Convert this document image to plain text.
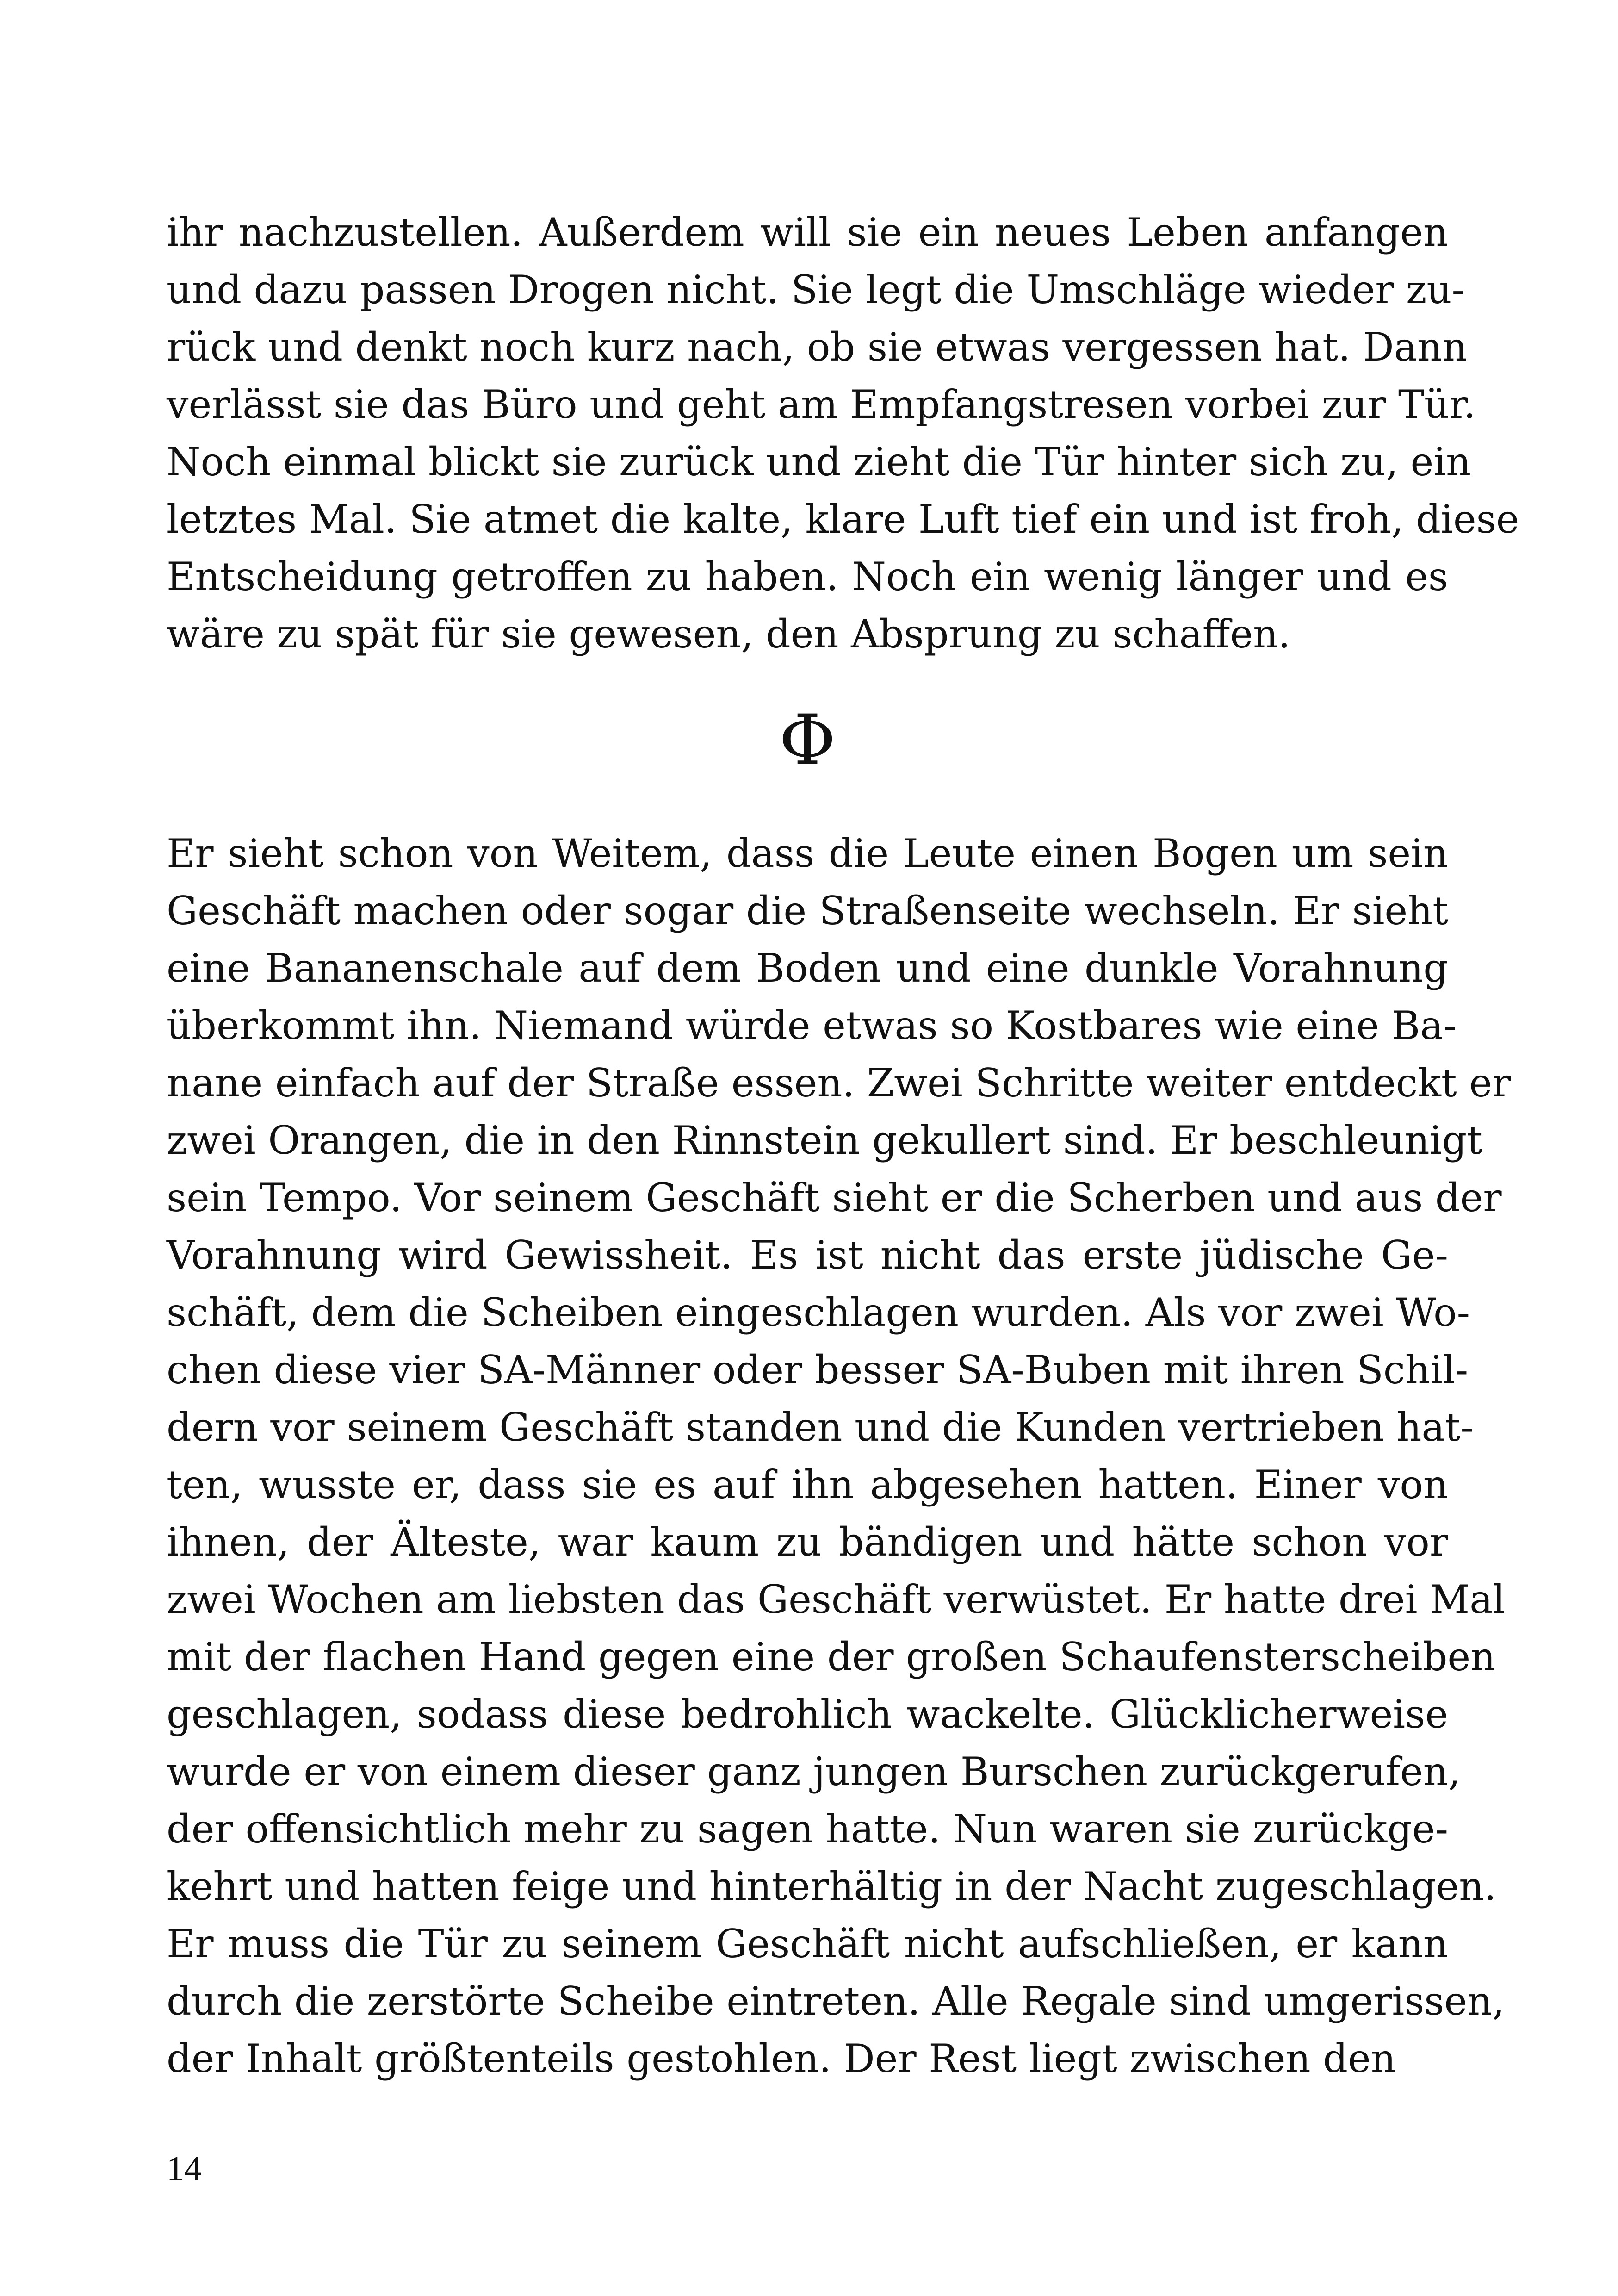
ihr nachzustellen. Außerdem will sie ein neues Leben anfangen
und dazu passen Drogen nicht. Sie legt die Umschläge wieder zu-
rück und denkt noch kurz nach, ob sie etwas vergessen hat. Dann
verlässt sie das Büro und geht am Empfangstresen vorbei zur Tür.
Noch einmal blickt sie zurück und zieht die Tür hinter sich zu, ein
letztes Mal. Sie atmet die kalte, klare Luft tief ein und ist froh, diese
Entscheidung getroffen zu haben. Noch ein wenig länger und es
wäre zu spät für sie gewesen, den Absprung zu schaffen.
Φ
Er sieht schon von Weitem, dass die Leute einen Bogen um sein
Geschäft machen oder sogar die Straßenseite wechseln. Er sieht
eine Bananenschale auf dem Boden und eine dunkle Vorahnung
überkommt ihn. Niemand würde etwas so Kostbares wie eine Ba-
nane einfach auf der Straße essen. Zwei Schritte weiter entdeckt er
zwei Orangen, die in den Rinnstein gekullert sind. Er beschleunigt
sein Tempo. Vor seinem Geschäft sieht er die Scherben und aus der
Vorahnung wird Gewissheit. Es ist nicht das erste jüdische Ge-
schäft, dem die Scheiben eingeschlagen wurden. Als vor zwei Wo-
chen diese vier SA-Männer oder besser SA-Buben mit ihren Schil-
dern vor seinem Geschäft standen und die Kunden vertrieben hat-
ten, wusste er, dass sie es auf ihn abgesehen hatten. Einer von
ihnen, der Älteste, war kaum zu bändigen und hätte schon vor
zwei Wochen am liebsten das Geschäft verwüstet. Er hatte drei Mal
mit der flachen Hand gegen eine der großen Schaufensterscheiben
geschlagen, sodass diese bedrohlich wackelte. Glücklicherweise
wurde er von einem dieser ganz jungen Burschen zurückgerufen,
der offensichtlich mehr zu sagen hatte. Nun waren sie zurückge-
kehrt und hatten feige und hinterhältig in der Nacht zugeschlagen.
Er muss die Tür zu seinem Geschäft nicht aufschließen, er kann
durch die zerstörte Scheibe eintreten. Alle Regale sind umgerissen,
der Inhalt größtenteils gestohlen. Der Rest liegt zwischen den
14
